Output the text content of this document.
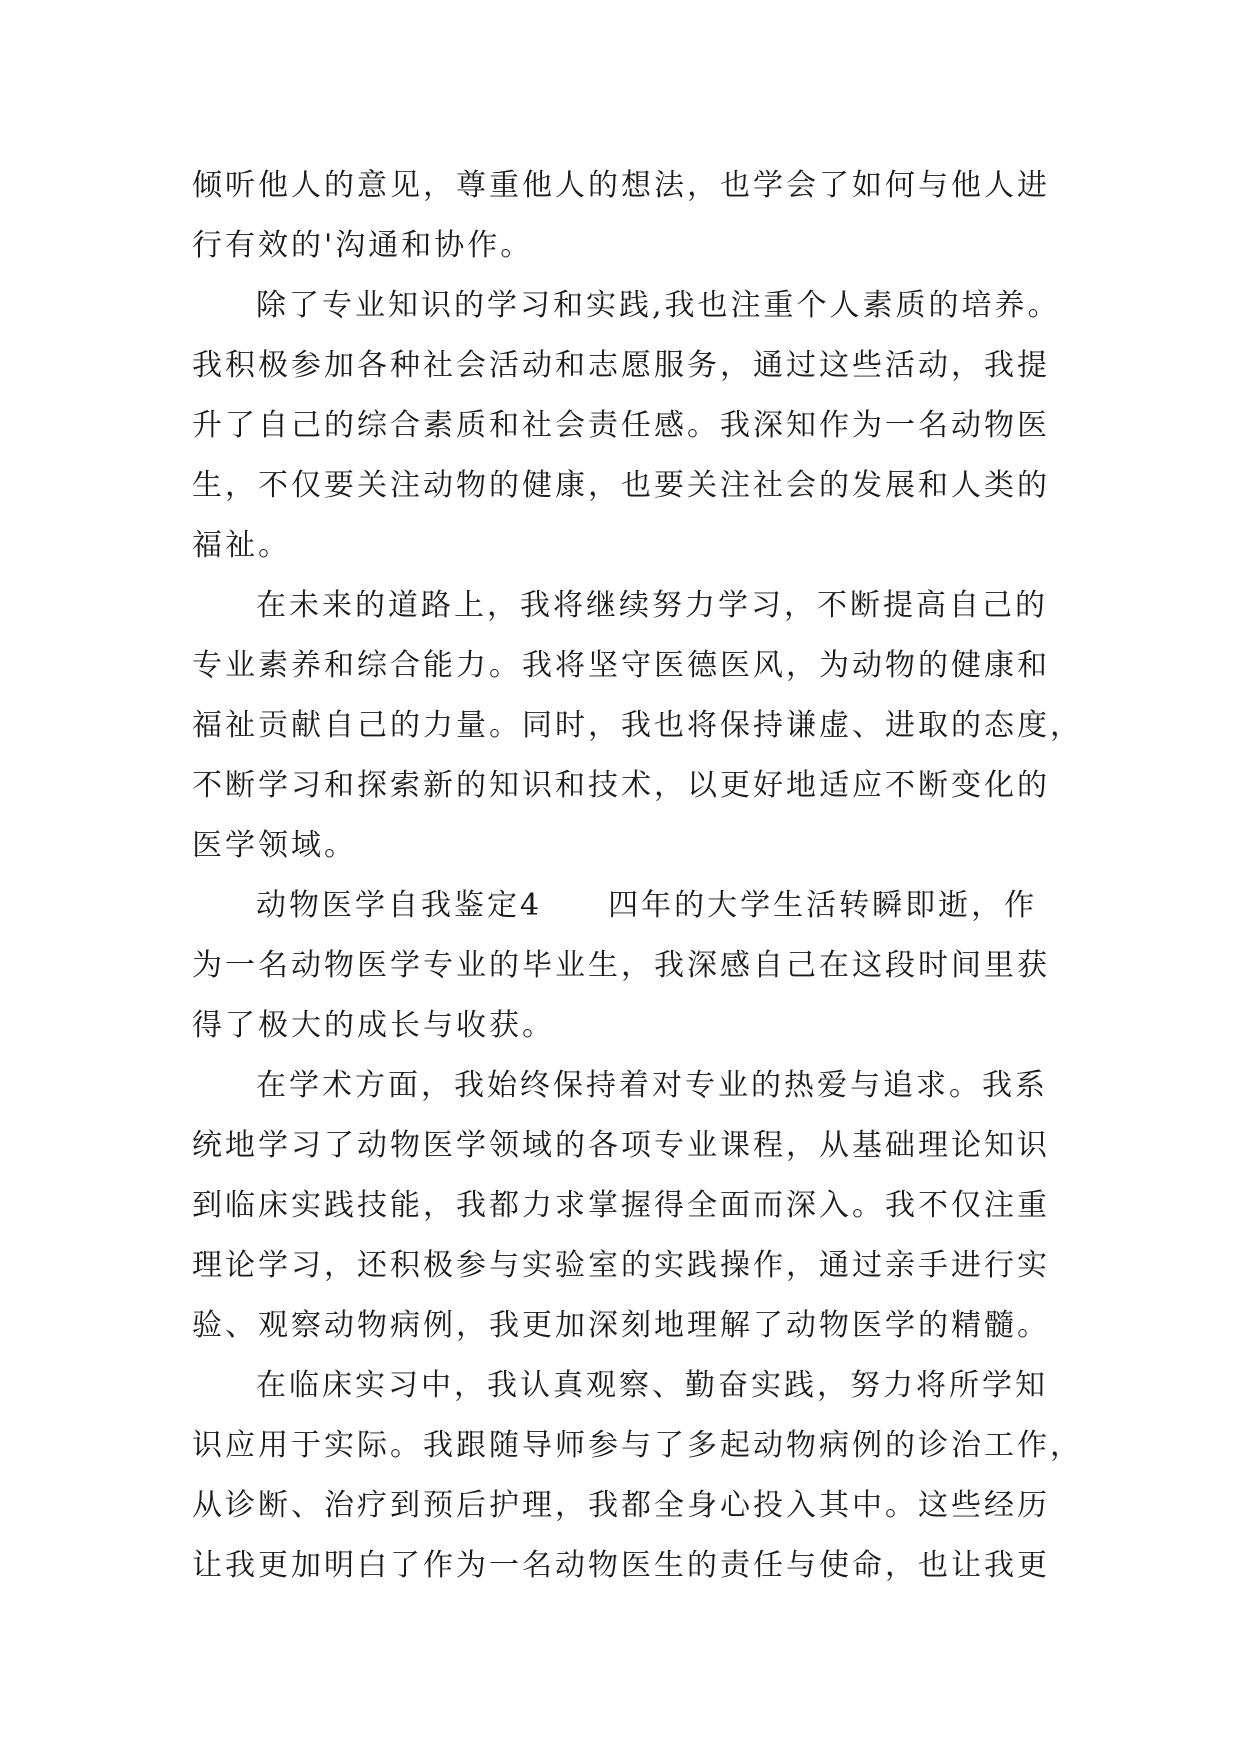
倾听他人的意见，尊重他人的想法，也学会了如何与他人进
行有效的'沟通和协作。
除了专业知识的学习和实践,我也注重个人素质的培养。
我积极参加各种社会活动和志愿服务，通过这些活动，我提
升了自己的综合素质和社会责任感。我深知作为一名动物医
生，不仅要关注动物的健康，也要关注社会的发展和人类的
福祉。
在未来的道路上，我将继续努力学习，不断提高自己的
专业素养和综合能力。我将坚守医德医风，为动物的健康和
福祉贡献自己的力量。同时，我也将保持谦虚、进取的态度，
不断学习和探索新的知识和技术，以更好地适应不断变化的
医学领域。
动物医学自我鉴定4　　四年的大学生活转瞬即逝，作
为一名动物医学专业的毕业生，我深感自己在这段时间里获
得了极大的成长与收获。
在学术方面，我始终保持着对专业的热爱与追求。我系
统地学习了动物医学领域的各项专业课程，从基础理论知识
到临床实践技能，我都力求掌握得全面而深入。我不仅注重
理论学习，还积极参与实验室的实践操作，通过亲手进行实
验、观察动物病例，我更加深刻地理解了动物医学的精髓。
在临床实习中，我认真观察、勤奋实践，努力将所学知
识应用于实际。我跟随导师参与了多起动物病例的诊治工作，
从诊断、治疗到预后护理，我都全身心投入其中。这些经历
让我更加明白了作为一名动物医生的责任与使命，也让我更
